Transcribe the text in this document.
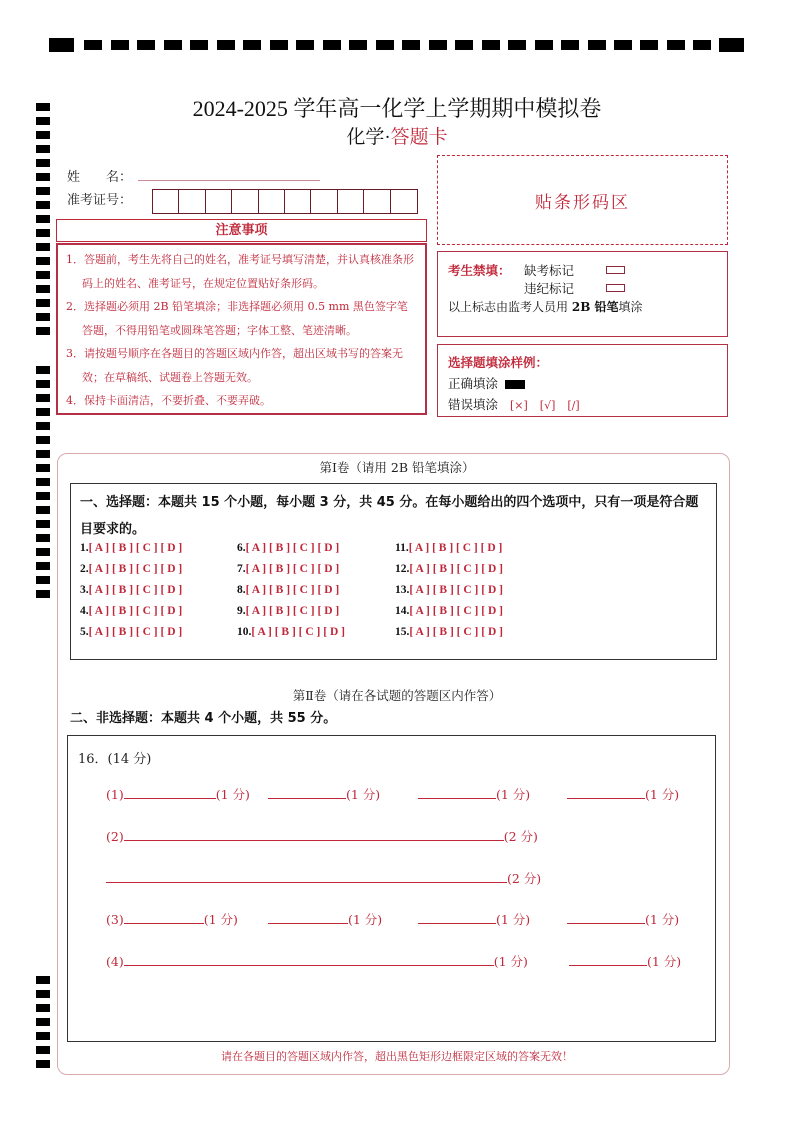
2024-2025 学年高一化学上学期期中模拟卷
化学·答题卡
姓　　名：
准考证号：
注意事项
1．答题前，考生先将自己的姓名，准考证号填写清楚，并认真核准条形码上的姓名、准考证号，在规定位置贴好条形码。
2．选择题必须用 2B 铅笔填涂；非选择题必须用 0.5 mm 黑色签字笔答题，不得用铅笔或圆珠笔答题；字体工整、笔迹清晰。
3．请按题号顺序在各题目的答题区域内作答，超出区域书写的答案无效；在草稿纸、试题卷上答题无效。
4．保持卡面清洁，不要折叠、不要弄破。
贴条形码区
考生禁填： 缺考标记
违纪标记
以上标志由监考人员用 2B 铅笔填涂
选择题填涂样例：
正确填涂
错误填涂 [×] [√] [/]
第Ⅰ卷（请用 2B 铅笔填涂）
一、选择题：本题共 15 个小题，每小题 3 分，共 45 分。在每小题给出的四个选项中，只有一项是符合题目要求的。
1.[ A ] [ B ] [ C ] [ D ]
2.[ A ] [ B ] [ C ] [ D ]
3.[ A ] [ B ] [ C ] [ D ]
4.[ A ] [ B ] [ C ] [ D ]
5.[ A ] [ B ] [ C ] [ D ]
6.[ A ] [ B ] [ C ] [ D ]
7.[ A ] [ B ] [ C ] [ D ]
8.[ A ] [ B ] [ C ] [ D ]
9.[ A ] [ B ] [ C ] [ D ]
10.[ A ] [ B ] [ C ] [ D ]
11.[ A ] [ B ] [ C ] [ D ]
12.[ A ] [ B ] [ C ] [ D ]
13.[ A ] [ B ] [ C ] [ D ]
14.[ A ] [ B ] [ C ] [ D ]
15.[ A ] [ B ] [ C ] [ D ]
第Ⅱ卷（请在各试题的答题区内作答）
二、非选择题：本题共 4 个小题，共 55 分。
16．(14 分)
(1)	(1 分)	(1 分)	(1 分)	(1 分)
(2)	(2 分)
(2 分)
(3)	(1 分)	(1 分)	(1 分)	(1 分)
(4)	(1 分)	(1 分)
请在各题目的答题区域内作答，超出黑色矩形边框限定区域的答案无效！
